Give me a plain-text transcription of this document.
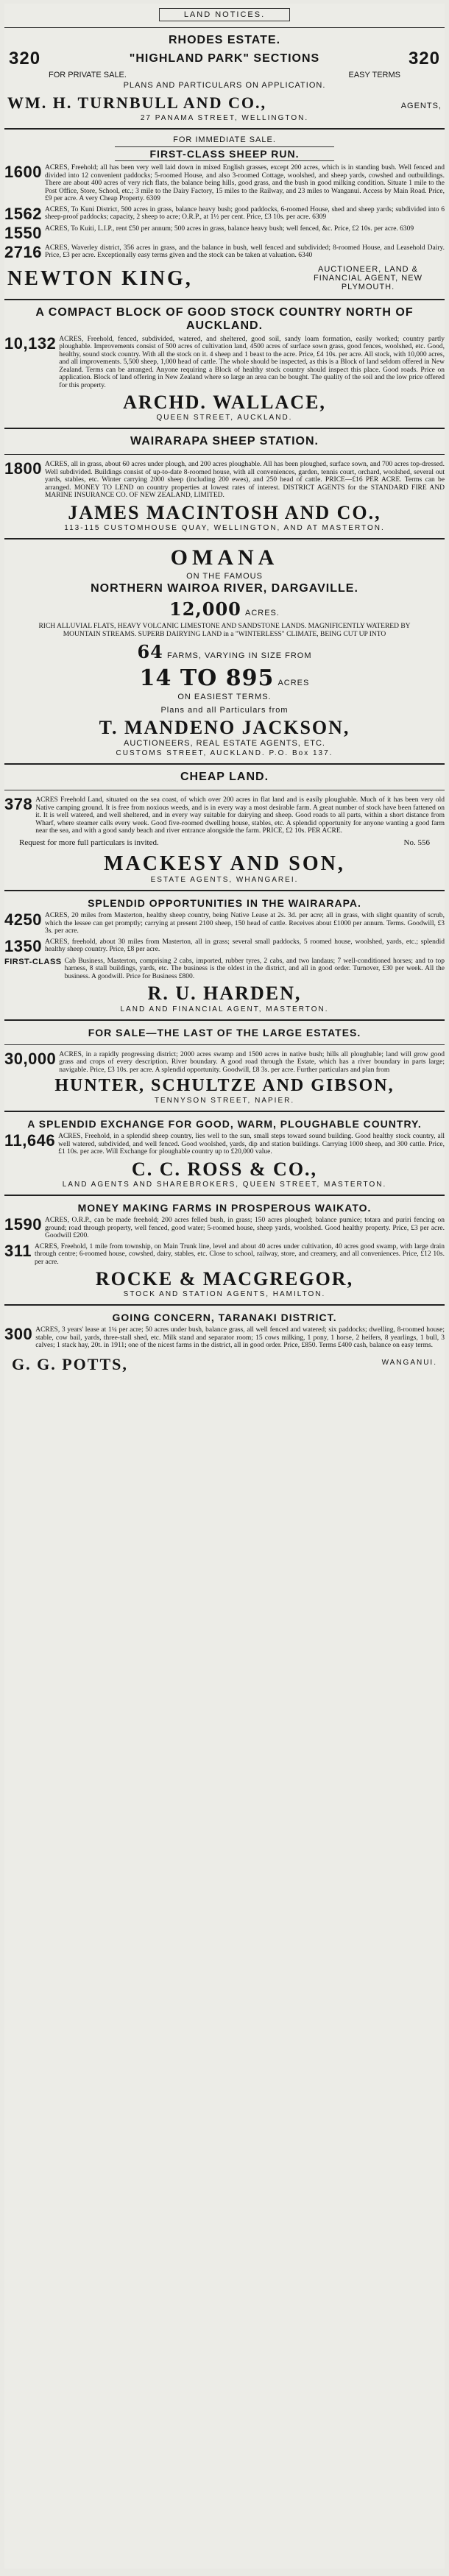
LAND NOTICES.
RHODES ESTATE.
320	"HIGHLAND PARK" SECTIONS	320
FOR PRIVATE SALE.	EASY TERMS
PLANS AND PARTICULARS ON APPLICATION.
WM. H. TURNBULL AND CO.,	AGENTS,
27 PANAMA STREET, WELLINGTON.
FOR IMMEDIATE SALE.
FIRST-CLASS SHEEP RUN.
1600 ACRES, Freehold; all has been very well laid down in mixed English grasses, except 200 acres, which is in standing bush. Well fenced and divided into 12 convenient paddocks; 5-roomed House, and also 3-roomed Cottage, woolshed, and sheep yards, cowshed and outbuildings. There are about 400 acres of very rich flats, the balance being hills, good grass, and the bush in good milking condition. Situate 1 mile to the Post Office, Store, School, etc.; 3 mile to the Dairy Factory, 15 miles to the Railway, and 23 miles to Wanganui. Access by Main Road. Price, £9 per acre. A very Cheap Property. 6309
1562 ACRES, To Kuni District, 500 acres in grass, balance heavy bush; good paddocks, 6-roomed House, shed and sheep yards; subdivided into 6 sheep-proof paddocks; capacity, 2 sheep to acre; O.R.P., at 1½ per cent. Price, £3 10s. per acre. 6309
1550 ACRES, To Kuiti, L.I.P., rent £50 per annum; 500 acres in grass, balance heavy bush; well fenced, &c. Price, £2 10s. per acre. 6309
2716 ACRES, Waverley district, 356 acres in grass, and the balance in bush, well fenced and subdivided; 8-roomed House, and Leasehold Dairy. Price, £3 per acre. Exceptionally easy terms given and the stock can be taken at valuation. 6340
NEWTON KING,	AUCTIONEER, LAND & FINANCIAL AGENT, NEW PLYMOUTH.
A COMPACT BLOCK OF GOOD STOCK COUNTRY NORTH OF AUCKLAND.
10,132 ACRES, Freehold, fenced, subdivided, watered, and sheltered, good soil, sandy loam formation, easily worked; country partly ploughable. Improvements consist of 500 acres of cultivation land, 4500 acres of surface sown grass, good fences, woolshed, etc. Good, healthy, sound stock country. With all the stock on it. 4 sheep and 1 beast to the acre. Price, £4 10s. per acre. All stock, with 10,000 acres, and all improvements. 5,500 sheep, 1,000 head of cattle. The whole should be inspected, as this is a Block of land seldom offered in New Zealand. Terms can be arranged. Anyone requiring a Block of healthy stock country should inspect this place. Good roads. Price on application. Block of land offering in New Zealand where so large an area can be bought. The quality of the soil and the low price offered for this property.
ARCHD. WALLACE,
QUEEN STREET, AUCKLAND.
WAIRARAPA SHEEP STATION.
1800 ACRES, all in grass, about 60 acres under plough, and 200 acres ploughable. All has been ploughed, surface sown, and 700 acres top-dressed. Well subdivided. Buildings consist of up-to-date 8-roomed house, with all conveniences, garden, tennis court, orchard, woolshed, several out yards, stables, etc. Winter carrying 2000 sheep (including 200 ewes), and 250 head of cattle. PRICE—£16 PER ACRE. Terms can be arranged. MONEY TO LEND on country properties at lowest rates of interest. DISTRICT AGENTS for the STANDARD FIRE AND MARINE INSURANCE CO. OF NEW ZEALAND, LIMITED.
JAMES MACINTOSH AND CO.,
113-115 CUSTOMHOUSE QUAY, WELLINGTON, AND AT MASTERTON.
OMANA
ON THE FAMOUS
NORTHERN WAIROA RIVER, DARGAVILLE.
12,000 ACRES.
RICH ALLUVIAL FLATS, HEAVY VOLCANIC LIMESTONE AND SANDSTONE LANDS. MAGNIFICENTLY WATERED BY MOUNTAIN STREAMS. SUPERB DAIRYING LAND in a "WINTERLESS" CLIMATE, BEING CUT UP INTO
64 FARMS, VARYING IN SIZE FROM
14 TO 895 ACRES
ON EASIEST TERMS.
Plans and all Particulars from
T. MANDENO JACKSON,
AUCTIONEERS, REAL ESTATE AGENTS, ETC.
CUSTOMS STREET, AUCKLAND. P.O. Box 137.
CHEAP LAND.
378 ACRES Freehold Land, situated on the sea coast, of which over 200 acres in flat land and is easily ploughable. Much of it has been very old Native camping ground. It is free from noxious weeds, and is in every way a most desirable farm. A great number of stock have been fattened on it. It is well watered, and well sheltered, and in every way suitable for dairying and sheep. Good roads to all parts, within a short distance from Wharf, where steamer calls every week. Good five-roomed dwelling house, stables, etc. A splendid opportunity for anyone wanting a good farm near the sea, and with a good sandy beach and river entrance alongside the farm. PRICE, £2 10s. PER ACRE.
Request for more full particulars is invited.	No. 556
MACKESY AND SON,
ESTATE AGENTS, WHANGAREI.
SPLENDID OPPORTUNITIES IN THE WAIRARAPA.
4250 ACRES, 20 miles from Masterton, healthy sheep country, being Native Lease at 2s. 3d. per acre; all in grass, with slight quantity of scrub, which the lessee can get promptly; carrying at present 2100 sheep, 150 head of cattle. Receives about £1000 per annum. Terms. Goodwill, £3 3s. per acre.
1350 ACRES, freehold, about 30 miles from Masterton, all in grass; several small paddocks, 5 roomed house, woolshed, yards, etc.; splendid healthy sheep country. Price, £8 per acre.
FIRST-CLASS Cab Business, Masterton, comprising 2 cabs, imported, rubber tyres, 2 cabs, and two landaus; 7 well-conditioned horses; and to top harness, 8 stall buildings, yards, etc. The business is the oldest in the district, and all in good order. Turnover, £30 per week. All the business. A goodwill. Price for Business £800.
R. U. HARDEN,
LAND AND FINANCIAL AGENT, MASTERTON.
FOR SALE—THE LAST OF THE LARGE ESTATES.
30,000 ACRES, in a rapidly progressing district; 2000 acres swamp and 1500 acres in native bush; hills all ploughable; land will grow good grass and crops of every description. River boundary. A good road through the Estate, which has a river boundary in parts large; navigable. Price, £3 10s. per acre. A splendid opportunity. Goodwill, £8 3s. per acre. Further particulars and plan from
HUNTER, SCHULTZE AND GIBSON,
TENNYSON STREET, NAPIER.
A SPLENDID EXCHANGE FOR GOOD, WARM, PLOUGHABLE COUNTRY.
11,646 ACRES, Freehold, in a splendid sheep country, lies well to the sun, small steps toward sound building. Good healthy stock country, all well watered, subdivided, and well fenced. Good woolshed, yards, dip and station buildings. Carrying 1000 sheep, and 300 cattle. Price, £1 10s. per acre. Will Exchange for ploughable country up to £20,000 value.
C. C. ROSS & CO.,
LAND AGENTS AND SHAREBROKERS, QUEEN STREET, MASTERTON.
MONEY MAKING FARMS IN PROSPEROUS WAIKATO.
1590 ACRES, O.R.P., can be made freehold; 200 acres felled bush, in grass; 150 acres ploughed; balance pumice; totara and puriri fencing on ground; road through property, well fenced, good water; 5-roomed house, sheep yards, woolshed. Good healthy property. Price, £3 per acre. Goodwill £200.
311 ACRES, Freehold, 1 mile from township, on Main Trunk line, level and about 40 acres under cultivation, 40 acres good swamp, with large drain through centre; 6-roomed house, cowshed, dairy, stables, etc. Close to school, railway, store, and creamery, and all conveniences. Price, £12 10s. per acre.
ROCKE & MACGREGOR,
STOCK AND STATION AGENTS, HAMILTON.
GOING CONCERN, TARANAKI DISTRICT.
300 ACRES, 3 years' lease at 1¼ per acre; 50 acres under bush, balance grass, all well fenced and watered; six paddocks; dwelling, 8-roomed house; stable, cow bail, yards, three-stall shed, etc. Milk stand and separator room; 15 cows milking, 1 pony, 1 horse, 2 heifers, 8 yearlings, 1 bull, 3 calves; 1 stack hay, 20t. in 1911; one of the nicest farms in the district, all in good order. Price, £850. Terms £400 cash, balance on easy terms.
G. G. POTTS,	WANGANUI.
